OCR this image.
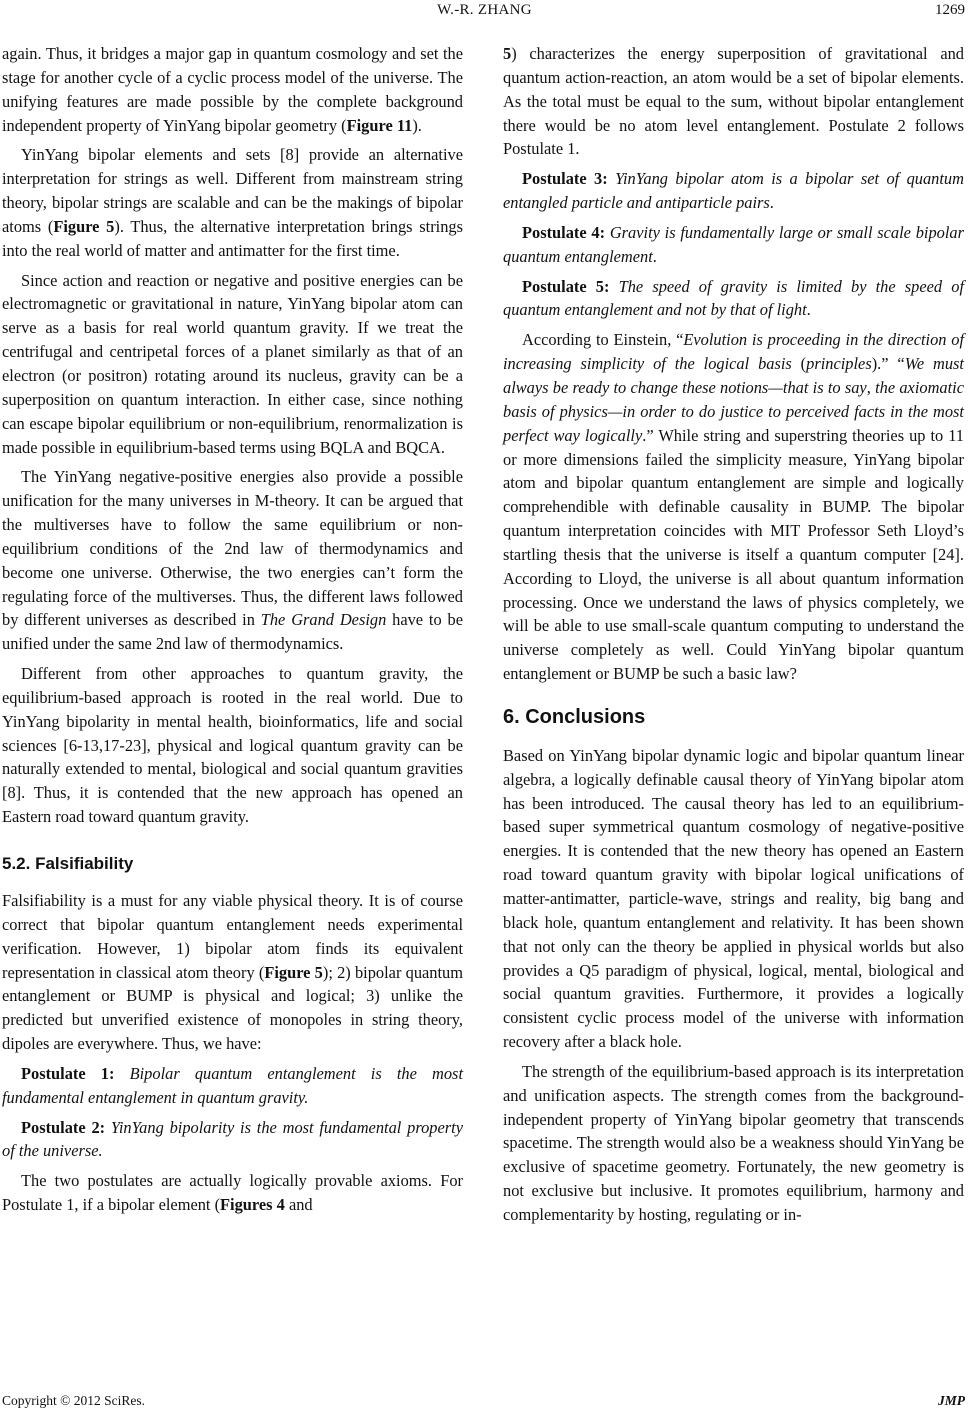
W.-R. ZHANG	1269

again. Thus, it bridges a major gap in quantum cosmology and set the stage for another cycle of a cyclic process model of the universe. The unifying features are made possible by the complete background independent property of YinYang bipolar geometry (Figure 11).

YinYang bipolar elements and sets [8] provide an alternative interpretation for strings as well. Different from mainstream string theory, bipolar strings are scalable and can be the makings of bipolar atoms (Figure 5). Thus, the alternative interpretation brings strings into the real world of matter and antimatter for the first time.

Since action and reaction or negative and positive energies can be electromagnetic or gravitational in nature, YinYang bipolar atom can serve as a basis for real world quantum gravity. If we treat the centrifugal and centripetal forces of a planet similarly as that of an electron (or positron) rotating around its nucleus, gravity can be a superposition on quantum interaction. In either case, since nothing can escape bipolar equilibrium or non-equilibrium, renormalization is made possible in equilibrium-based terms using BQLA and BQCA.

The YinYang negative-positive energies also provide a possible unification for the many universes in M-theory. It can be argued that the multiverses have to follow the same equilibrium or non-equilibrium conditions of the 2nd law of thermodynamics and become one universe. Otherwise, the two energies can’t form the regulating force of the multiverses. Thus, the different laws followed by different universes as described in The Grand Design have to be unified under the same 2nd law of thermodynamics.

Different from other approaches to quantum gravity, the equilibrium-based approach is rooted in the real world. Due to YinYang bipolarity in mental health, bioinformatics, life and social sciences [6-13,17-23], physical and logical quantum gravity can be naturally extended to mental, biological and social quantum gravities [8]. Thus, it is contended that the new approach has opened an Eastern road toward quantum gravity.

5.2. Falsifiability

Falsifiability is a must for any viable physical theory. It is of course correct that bipolar quantum entanglement needs experimental verification. However, 1) bipolar atom finds its equivalent representation in classical atom theory (Figure 5); 2) bipolar quantum entanglement or BUMP is physical and logical; 3) unlike the predicted but unverified existence of monopoles in string theory, dipoles are everywhere. Thus, we have:

Postulate 1: Bipolar quantum entanglement is the most fundamental entanglement in quantum gravity.

Postulate 2: YinYang bipolarity is the most fundamental property of the universe.

The two postulates are actually logically provable axioms. For Postulate 1, if a bipolar element (Figures 4 and

5) characterizes the energy superposition of gravitational and quantum action-reaction, an atom would be a set of bipolar elements. As the total must be equal to the sum, without bipolar entanglement there would be no atom level entanglement. Postulate 2 follows Postulate 1.

Postulate 3: YinYang bipolar atom is a bipolar set of quantum entangled particle and antiparticle pairs.

Postulate 4: Gravity is fundamentally large or small scale bipolar quantum entanglement.

Postulate 5: The speed of gravity is limited by the speed of quantum entanglement and not by that of light.

According to Einstein, “Evolution is proceeding in the direction of increasing simplicity of the logical basis (principles).” “We must always be ready to change these notions—that is to say, the axiomatic basis of physics—in order to do justice to perceived facts in the most perfect way logically.” While string and superstring theories up to 11 or more dimensions failed the simplicity measure, YinYang bipolar atom and bipolar quantum entanglement are simple and logically comprehendible with definable causality in BUMP. The bipolar quantum interpretation coincides with MIT Professor Seth Lloyd’s startling thesis that the universe is itself a quantum computer [24]. According to Lloyd, the universe is all about quantum information processing. Once we understand the laws of physics completely, we will be able to use small-scale quantum computing to understand the universe completely as well. Could YinYang bipolar quantum entanglement or BUMP be such a basic law?

6. Conclusions

Based on YinYang bipolar dynamic logic and bipolar quantum linear algebra, a logically definable causal theory of YinYang bipolar atom has been introduced. The causal theory has led to an equilibrium-based super symmetrical quantum cosmology of negative-positive energies. It is contended that the new theory has opened an Eastern road toward quantum gravity with bipolar logical unifications of matter-antimatter, particle-wave, strings and reality, big bang and black hole, quantum entanglement and relativity. It has been shown that not only can the theory be applied in physical worlds but also provides a Q5 paradigm of physical, logical, mental, biological and social quantum gravities. Furthermore, it provides a logically consistent cyclic process model of the universe with information recovery after a black hole.

The strength of the equilibrium-based approach is its interpretation and unification aspects. The strength comes from the background-independent property of YinYang bipolar geometry that transcends spacetime. The strength would also be a weakness should YinYang be exclusive of spacetime geometry. Fortunately, the new geometry is not exclusive but inclusive. It promotes equilibrium, harmony and complementarity by hosting, regulating or in-

Copyright © 2012 SciRes.	JMP
